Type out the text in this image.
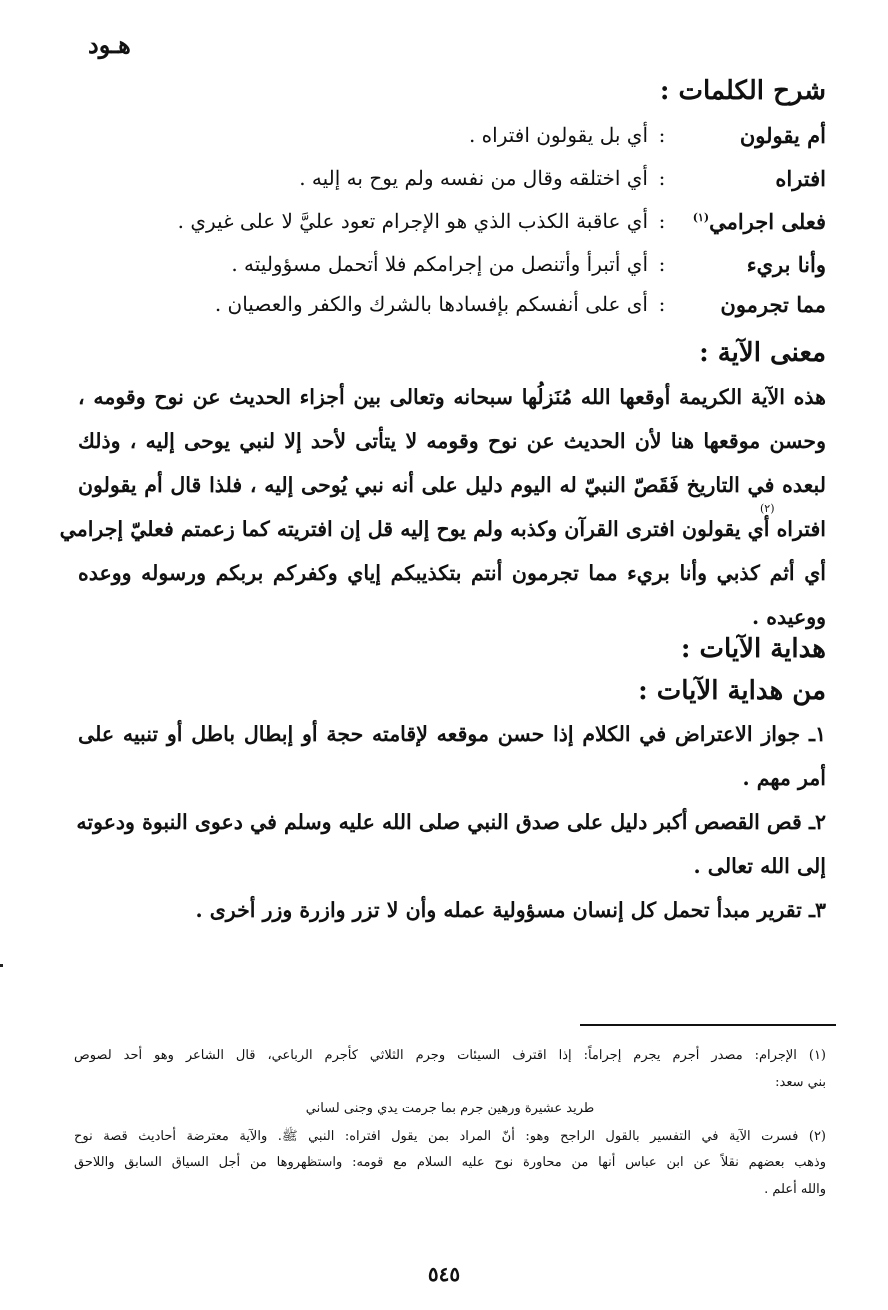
هـود
شرح الكلمات :
أم يقولون
:
أي بل يقولون افتراه .
افتراه
:
أي اختلقه وقال من نفسه ولم يوح به إليه .
فعلى اجرامي$^{(١)}$
:
أي عاقبة الكذب الذي هو الإجرام تعود عليَّ لا على غيري .
وأنا بريء
:
أي أتبرأ وأتنصل من إجرامكم فلا أتحمل مسؤوليته .
مما تجرمون
:
أى على أنفسكم بإفسادها بالشرك والكفر والعصيان .
معنى الآية :
هذه الآية الكريمة أوقعها الله مُنَزلُها سبحانه وتعالى بين أجزاء الحديث عن نوح وقومه ،
وحسن موقعها هنا لأن الحديث عن نوح وقومه لا يتأتى لأحد إلا لنبي يوحى إليه ، وذلك
لبعده في التاريخ فَقَصّ النبيّ له اليوم دليل على أنه نبي يُوحى إليه ، فلذا قال أم يقولون
افتراه أي يقولون افترى القرآن وكذبه ولم يوح إليه قل إن افتريته كما زعمتم فعليّ إجرامي
(٢)
أي أثم كذبي وأنا بريء مما تجرمون أنتم بتكذيبكم إياي وكفركم بربكم ورسوله ووعده
ووعيده .
هداية الآيات :
من هداية الآيات :
١ـ جواز الاعتراض في الكلام إذا حسن موقعه لإقامته حجة أو إبطال باطل أو تنبيه على
أمر مهم .
٢ـ قص القصص أكبر دليل على صدق النبي صلى الله عليه وسلم في دعوى النبوة ودعوته
إلى الله تعالى .
٣ـ تقرير مبدأ تحمل كل إنسان مسؤولية عمله وأن لا تزر وازرة وزر أخرى .
(١) الإجرام: مصدر أجرم يجرم إجراماً: إذا اقترف السيئات وجرم الثلاثي كأجرم الرباعي، قال الشاعر وهو أحد لصوص
بني سعد:
طريد عشيرة ورهين جرم بما جرمت يدي وجنى لساني
(٢) فسرت الآية في التفسير بالقول الراجح وهو: أنّ المراد بمن يقول افتراه: النبي ﷺ. والآية معترضة أحاديث قصة نوح
وذهب بعضهم نقلاً عن ابن عباس أنها من محاورة نوح عليه السلام مع قومه: واستظهروها من أجل السياق السابق واللاحق
والله أعلم .
٥٤٥
